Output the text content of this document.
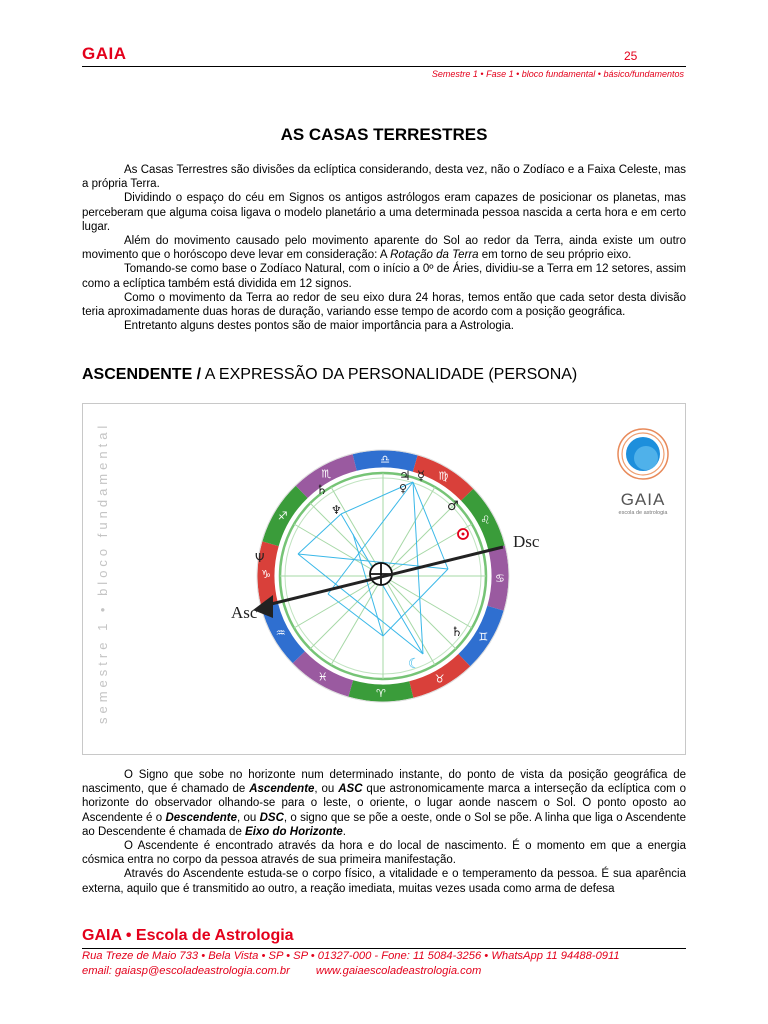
GAIA	25
Semestre 1 • Fase 1 • bloco fundamental • básico/fundamentos
AS CASAS TERRESTRES

As Casas Terrestres são divisões da eclíptica considerando, desta vez, não o Zodíaco e a Faixa Celeste, mas a própria Terra.

Dividindo o espaço do céu em Signos os antigos astrólogos eram capazes de posicionar os planetas, mas perceberam que alguma coisa ligava o modelo planetário a uma determinada pessoa nascida a certa hora e em certo lugar.

Além do movimento causado pelo movimento aparente do Sol ao redor da Terra, ainda existe um outro movimento que o horóscopo deve levar em consideração: A Rotação da Terra em torno de seu próprio eixo.

Tomando-se como base o Zodíaco Natural, com o início a 0º de Áries, dividiu-se a Terra em 12 setores, assim como a eclíptica também está dividida em 12 signos.

Como o movimento da Terra ao redor de seu eixo dura 24 horas, temos então que cada setor desta divisão teria aproximadamente duas horas de duração, variando esse tempo de acordo com a posição geográfica.

Entretanto alguns destes pontos são de maior importância para a Astrologia.

ASCENDENTE / A EXPRESSÃO DA PERSONALIDADE (PERSONA)
semestre 1 • bloco fundamental	♑
♐
♏
♎
♍
♌
♋
♊
♉
♈
♓
♒
Asc
Dsc
♄
♃ ☿
♀
♆	♂
♄
Ψ
☾
GAIA
escola de astrologia

O Signo que sobe no horizonte num determinado instante, do ponto de vista da posição geográfica de nascimento, que é chamado de Ascendente, ou ASC que astronomicamente marca a interseção da eclíptica com o horizonte do observador olhando-se para o leste, o oriente, o lugar aonde nascem o Sol. O ponto oposto ao Ascendente é o Descendente, ou DSC, o signo que se põe a oeste, onde o Sol se põe. A linha que liga o Ascendente ao Descendente é chamada de Eixo do Horizonte.

O Ascendente é encontrado através da hora e do local de nascimento. É o momento em que a energia cósmica entra no corpo da pessoa através de sua primeira manifestação.

Através do Ascendente estuda-se o corpo físico, a vitalidade e o temperamento da pessoa. É sua aparência externa, aquilo que é transmitido ao outro, a reação imediata, muitas vezes usada como arma de defesa

GAIA • Escola de Astrologia
Rua Treze de Maio 733 • Bela Vista • SP • SP • 01327-000 - Fone: 11 5084-3256 • WhatsApp 11 94488-0911
email: gaiasp@escoladeastrologia.com.br www.gaiaescoladeastrologia.com
